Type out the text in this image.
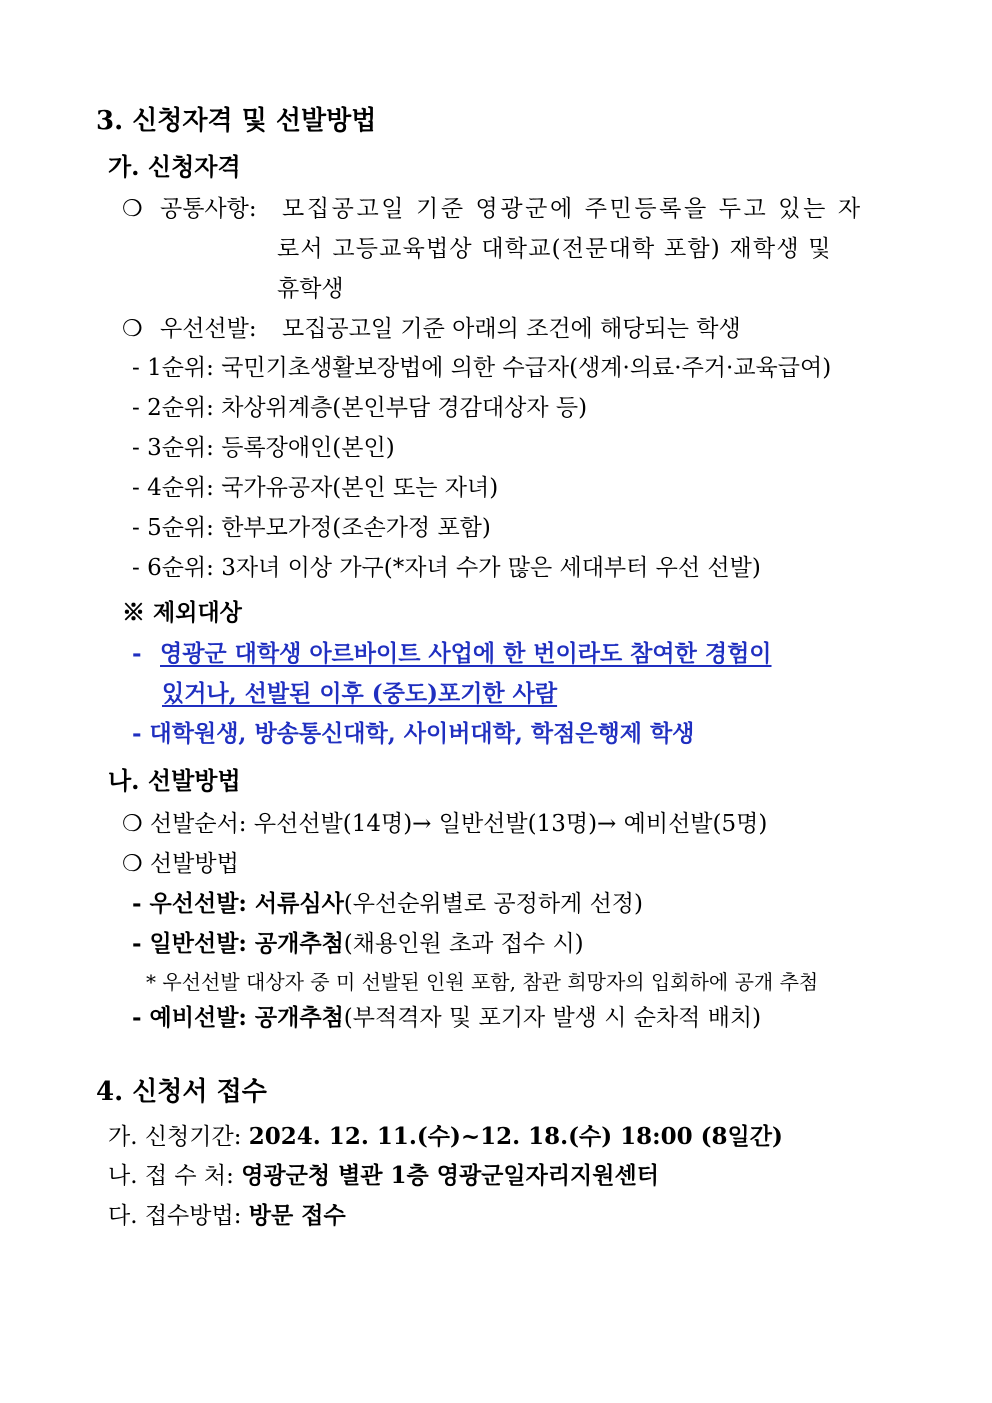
3. 신청자격 및 선발방법
가. 신청자격
❍ 공통사항: 모집공고일 기준 영광군에 주민등록을 두고 있는 자
로서 고등교육법상 대학교(전문대학 포함) 재학생 및
휴학생
❍ 우선선발: 모집공고일 기준 아래의 조건에 해당되는 학생
- 1순위: 국민기초생활보장법에 의한 수급자(생계·의료·주거·교육급여)
- 2순위: 차상위계층(본인부담 경감대상자 등)
- 3순위: 등록장애인(본인)
- 4순위: 국가유공자(본인 또는 자녀)
- 5순위: 한부모가정(조손가정 포함)
- 6순위: 3자녀 이상 가구(*자녀 수가 많은 세대부터 우선 선발)
※ 제외대상
- 영광군 대학생 아르바이트 사업에 한 번이라도 참여한 경험이
있거나, 선발된 이후 (중도)포기한 사람
- 대학원생, 방송통신대학, 사이버대학, 학점은행제 학생
나. 선발방법
❍ 선발순서: 우선선발(14명)→ 일반선발(13명)→ 예비선발(5명)
❍ 선발방법
- 우선선발: 서류심사(우선순위별로 공정하게 선정)
- 일반선발: 공개추첨(채용인원 초과 접수 시)
* 우선선발 대상자 중 미 선발된 인원 포함, 참관 희망자의 입회하에 공개 추첨
- 예비선발: 공개추첨(부적격자 및 포기자 발생 시 순차적 배치)
4. 신청서 접수
가. 신청기간: 2024. 12. 11.(수)~12. 18.(수) 18:00 (8일간)
나. 접 수 처: 영광군청 별관 1층 영광군일자리지원센터
다. 접수방법: 방문 접수
